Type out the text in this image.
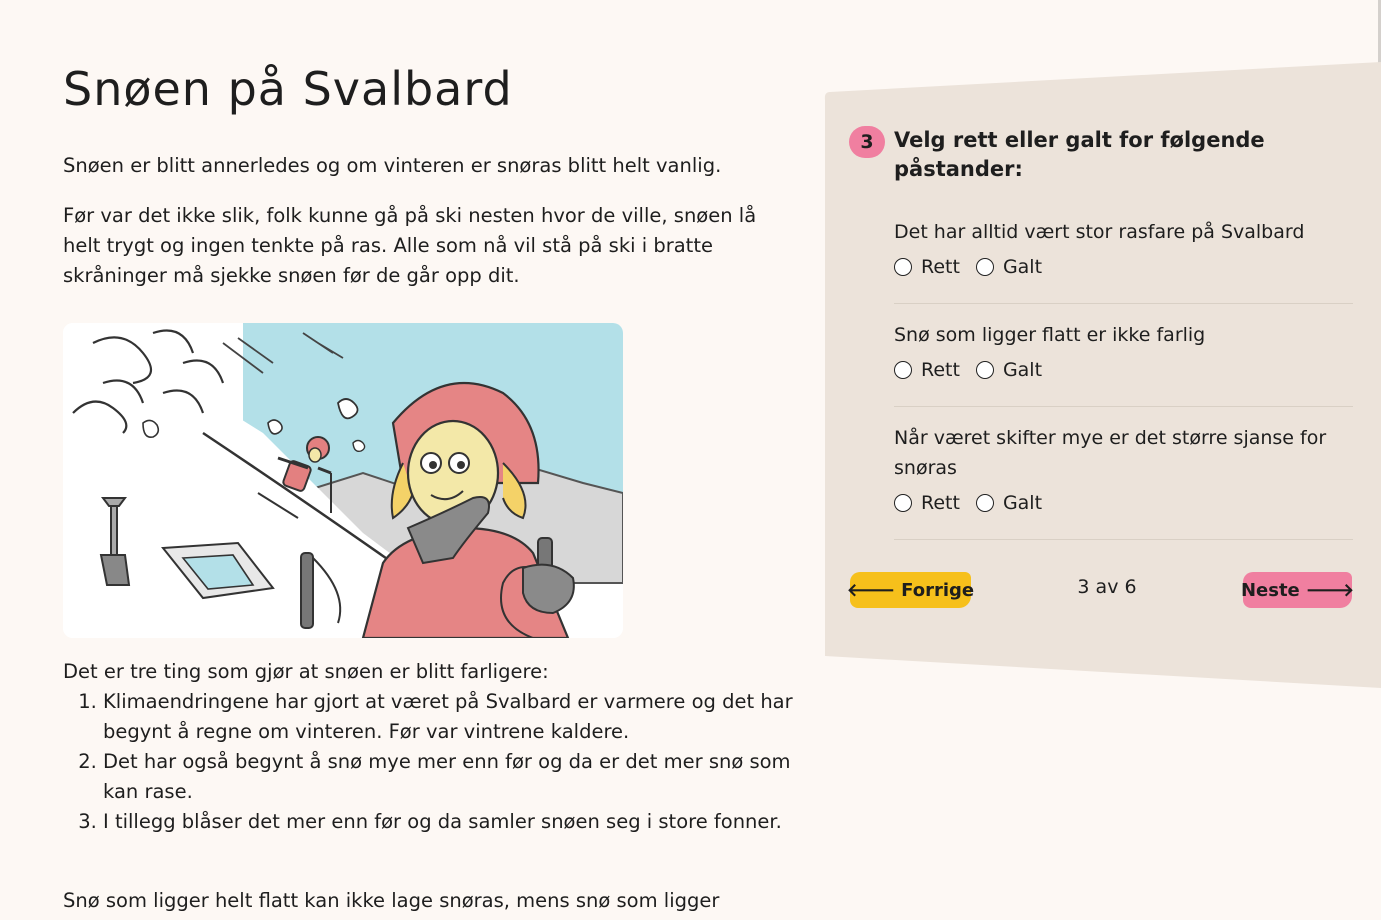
Snøen på Svalbard

Snøen er blitt annerledes og om vinteren er snøras blitt helt vanlig.

Før var det ikke slik, folk kunne gå på ski nesten hvor de ville, snøen lå helt trygt og ingen tenkte på ras. Alle som nå vil stå på ski i bratte skråninger må sjekke snøen før de går opp dit.

Det er tre ting som gjør at snøen er blitt farligere:

1. Klimaendringene har gjort at været på Svalbard er varmere og det har begynt å regne om vinteren. Før var vintrene kaldere.
2. Det har også begynt å snø mye mer enn før og da er det mer snø som kan rase.
3. I tillegg blåser det mer enn før og da samler snøen seg i store fonner.

Snø som ligger helt flatt kan ikke lage snøras, mens snø som ligger

3 Velg rett eller galt for følgende påstander:
Det har alltid vært stor rasfare på Svalbard
Rett Galt
Snø som ligger flatt er ikke farlig
Rett Galt
Når været skifter mye er det større sjanse for snøras
Rett Galt
🡐 Forrige	3 av 6	Neste 🡒
